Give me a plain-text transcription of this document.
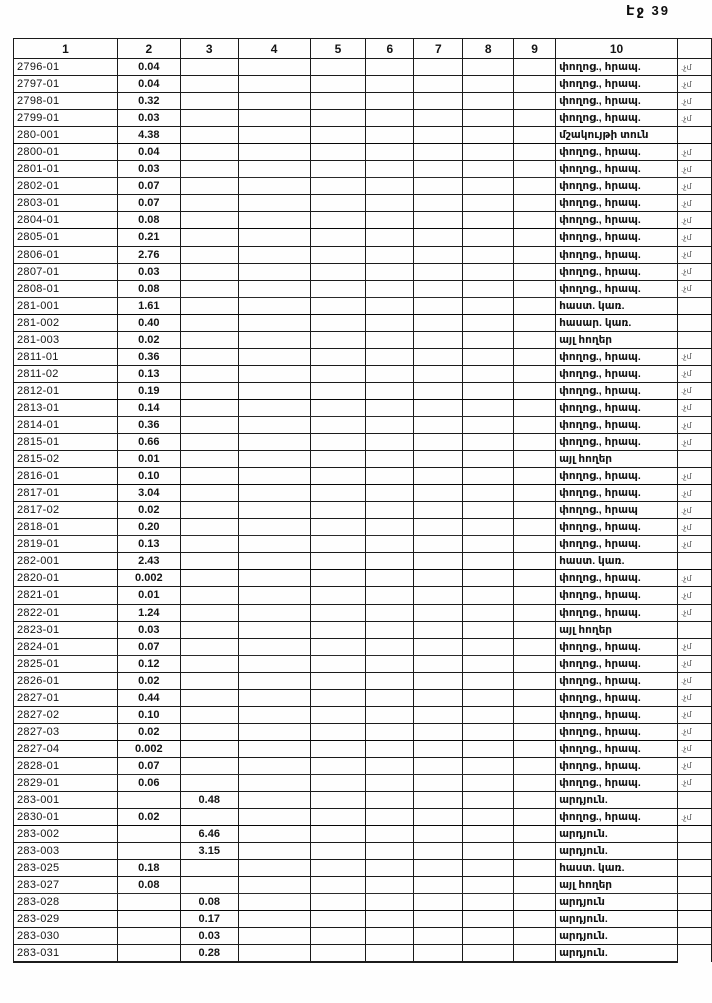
Էջ 39
1	2	3	4	5	6	7	8	9	10	
2796-01	0.04								փողոց., հրապ.	.չմ
2797-01	0.04								փողոց., հրապ.	.չմ
2798-01	0.32								փողոց., հրապ.	.չմ
2799-01	0.03								փողոց., հրապ.	.չմ
280-001	4.38								մշակույթի տուն	
2800-01	0.04								փողոց., հրապ.	.չմ
2801-01	0.03								փողոց., հրապ.	.չմ
2802-01	0.07								փողոց., հրապ.	.չմ
2803-01	0.07								փողոց., հրապ.	.չմ
2804-01	0.08								փողոց., հրապ.	.չմ
2805-01	0.21								փողոց., հրապ.	.չմ
2806-01	2.76								փողոց., հրապ.	.չմ
2807-01	0.03								փողոց., հրապ.	.չմ
2808-01	0.08								փողոց., հրապ.	.չմ
281-001	1.61								հաստ. կառ.	
281-002	0.40								հասար. կառ.	
281-003	0.02								այլ հողեր	
2811-01	0.36								փողոց., հրապ.	.չմ
2811-02	0.13								փողոց., հրապ.	.չմ
2812-01	0.19								փողոց., հրապ.	.չմ
2813-01	0.14								փողոց., հրապ.	.չմ
2814-01	0.36								փողոց., հրապ.	.չմ
2815-01	0.66								փողոց., հրապ.	.չմ
2815-02	0.01								այլ հողեր	
2816-01	0.10								փողոց., հրապ.	.չմ
2817-01	3.04								փողոց., հրապ.	.չմ
2817-02	0.02								փողոց., հրապ	.չմ
2818-01	0.20								փողոց., հրապ.	.չմ
2819-01	0.13								փողոց., հրապ.	.չմ
282-001	2.43								հաստ. կառ.	
2820-01	0.002								փողոց., հրապ.	.չմ
2821-01	0.01								փողոց., հրապ.	.չմ
2822-01	1.24								փողոց., հրապ.	.չմ
2823-01	0.03								այլ հողեր	
2824-01	0.07								փողոց., հրապ.	.չմ
2825-01	0.12								փողոց., հրապ.	.չմ
2826-01	0.02								փողոց., հրապ.	.չմ
2827-01	0.44								փողոց., հրապ.	.չմ
2827-02	0.10								փողոց., հրապ.	.չմ
2827-03	0.02								փողոց., հրապ.	.չմ
2827-04	0.002								փողոց., հրապ.	.չմ
2828-01	0.07								փողոց., հրապ.	.չմ
2829-01	0.06								փողոց., հրապ.	.չմ
283-001		0.48							արդյուն.	
2830-01	0.02								փողոց., հրապ.	.չմ
283-002		6.46							արդյուն.	
283-003		3.15							արդյուն.	
283-025	0.18								հաստ. կառ.	
283-027	0.08								այլ հողեր	
283-028		0.08							արդյուն	
283-029		0.17							արդյուն.	
283-030		0.03							արդյուն.	
283-031		0.28							արդյուն.	
